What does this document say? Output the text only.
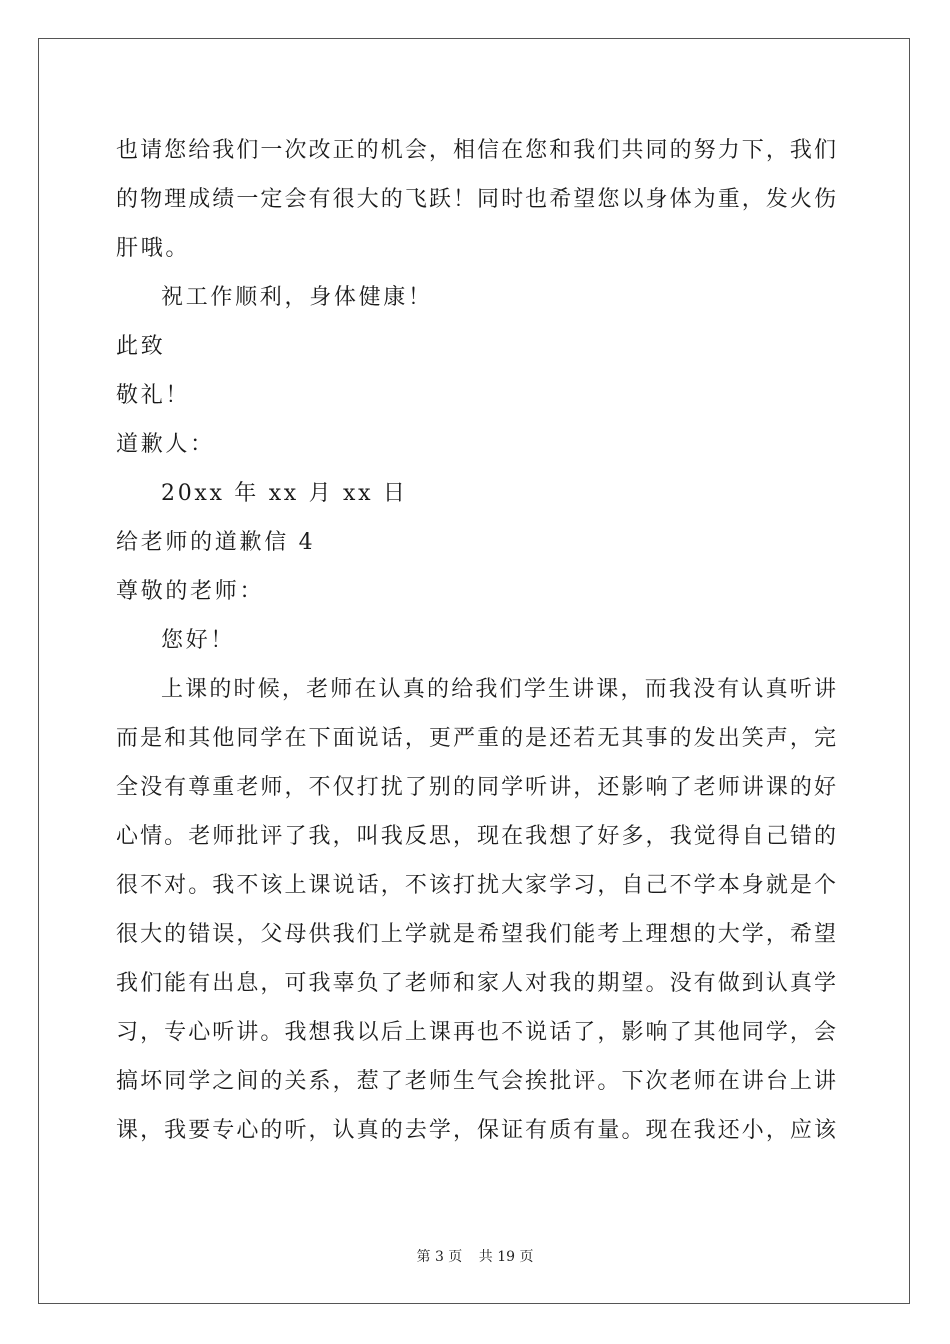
也请您给我们一次改正的机会，相信在您和我们共同的努力下，我们
的物理成绩一定会有很大的飞跃！同时也希望您以身体为重，发火伤
肝哦。
祝工作顺利，身体健康！
此致
敬礼！
道歉人：
20xx 年 xx 月 xx 日
给老师的道歉信 4
尊敬的老师：
您好！
上课的时候，老师在认真的给我们学生讲课，而我没有认真听讲
而是和其他同学在下面说话，更严重的是还若无其事的发出笑声，完
全没有尊重老师，不仅打扰了别的同学听讲，还影响了老师讲课的好
心情。老师批评了我，叫我反思，现在我想了好多，我觉得自己错的
很不对。我不该上课说话，不该打扰大家学习，自己不学本身就是个
很大的错误，父母供我们上学就是希望我们能考上理想的大学，希望
我们能有出息，可我辜负了老师和家人对我的期望。没有做到认真学
习，专心听讲。我想我以后上课再也不说话了，影响了其他同学，会
搞坏同学之间的关系，惹了老师生气会挨批评。下次老师在讲台上讲
课，我要专心的听，认真的去学，保证有质有量。现在我还小，应该
第 3 页 共 19 页
